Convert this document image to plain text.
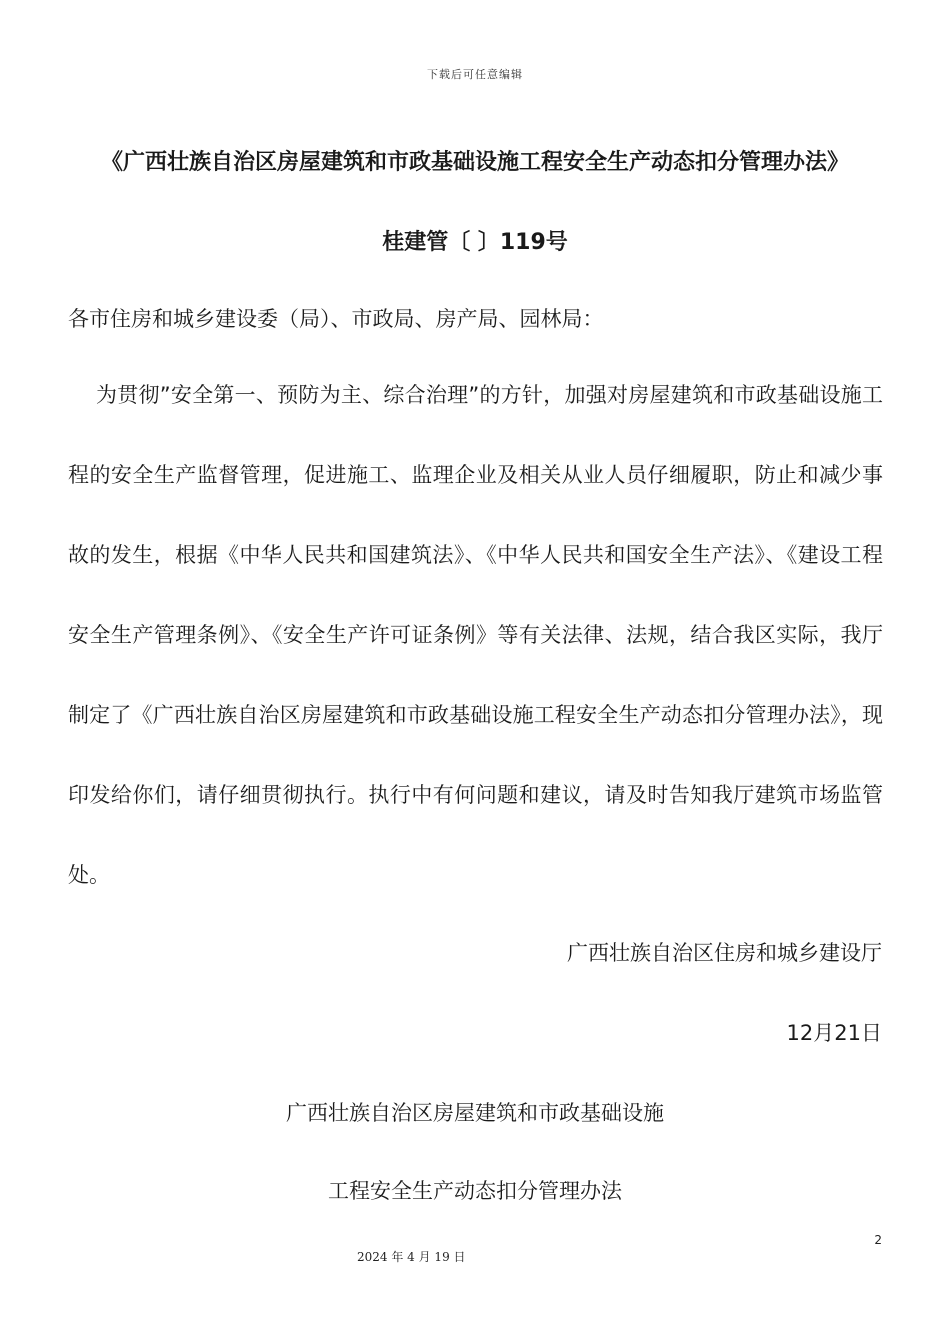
下载后可任意编辑
《广西壮族自治区房屋建筑和市政基础设施工程安全生产动态扣分管理办法》
桂建管〔 〕119号
各市住房和城乡建设委（局）、市政局、房产局、园林局：
为贯彻”安全第一、预防为主、综合治理”的方针，加强对房屋建筑和市政基础设施工程的安全生产监督管理，促进施工、监理企业及相关从业人员仔细履职，防止和减少事故的发生，根据《中华人民共和国建筑法》、《中华人民共和国安全生产法》、《建设工程安全生产管理条例》、《安全生产许可证条例》等有关法律、法规，结合我区实际，我厅制定了《广西壮族自治区房屋建筑和市政基础设施工程安全生产动态扣分管理办法》，现印发给你们，请仔细贯彻执行。执行中有何问题和建议，请及时告知我厅建筑市场监管处。
广西壮族自治区住房和城乡建设厅
12月21日
广西壮族自治区房屋建筑和市政基础设施
工程安全生产动态扣分管理办法
2
2024 年 4 月 19 日
